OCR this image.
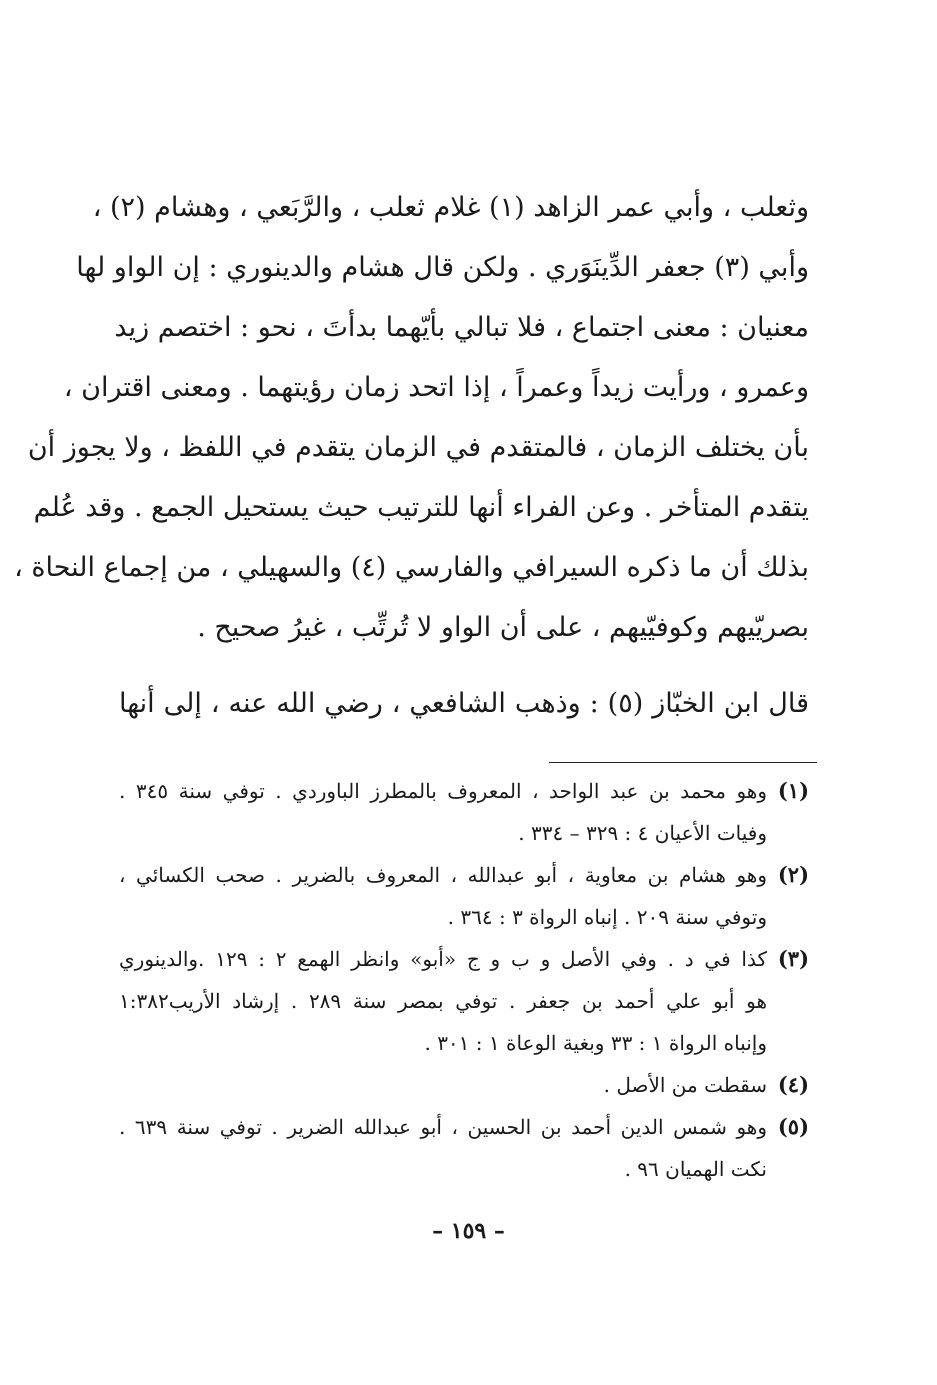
وثعلب ، وأبي عمر الزاهد (١) غلام ثعلب ، والرَّبَعي ، وهشام (٢) ،
وأبي (٣) جعفر الدِّينَوَري . ولكن قال هشام والدينوري : إن الواو لها
معنيان : معنى اجتماع ، فلا تبالي بأيّهما بدأتَ ، نحو : اختصم زيد
وعمرو ، ورأيت زيداً وعمراً ، إذا اتحد زمان رؤيتهما . ومعنى اقتران ،
بأن يختلف الزمان ، فالمتقدم في الزمان يتقدم في اللفظ ، ولا يجوز أن
يتقدم المتأخر . وعن الفراء أنها للترتيب حيث يستحيل الجمع . وقد عُلم
بذلك أن ما ذكره السيرافي والفارسي (٤) والسهيلي ، من إجماع النحاة ،
بصريّيهم وكوفيّيهم ، على أن الواو لا تُرتِّب ، غيرُ صحيح .
قال ابن الخبّاز (٥) : وذهب الشافعي ، رضي الله عنه ، إلى أنها
(١)
وهو محمد بن عبد الواحد ، المعروف بالمطرز الباوردي . توفي سنة ٣٤٥ .
وفيات الأعيان ٤ : ٣٢٩ – ٣٣٤ .
(٢)
وهو هشام بن معاوية ، أبو عبدالله ، المعروف بالضرير . صحب الكسائي ،
وتوفي سنة ٢٠٩ . إنباه الرواة ٣ : ٣٦٤ .
(٣)
كذا في د . وفي الأصل و ب و ج «أبو» وانظر الهمع ٢ : ١٢٩ .والدينوري
هو أبو علي أحمد بن جعفر . توفي بمصر سنة ٢٨٩ . إرشاد الأريب١:٣٨٢
وإنباه الرواة ١ : ٣٣ وبغية الوعاة ١ : ٣٠١ .
(٤)
سقطت من الأصل .
(٥)
وهو شمس الدين أحمد بن الحسين ، أبو عبدالله الضرير . توفي سنة ٦٣٩ .
نكت الهميان ٩٦ .
– ١٥٩ –
